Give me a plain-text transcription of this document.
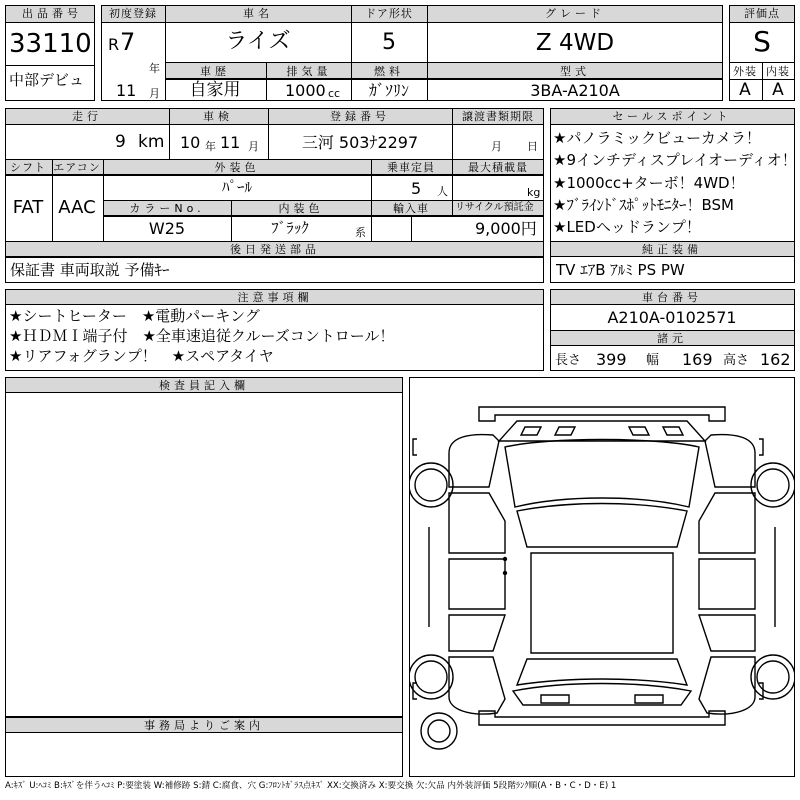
出品番号
33110
中部デビュ
初度登録
R 7
年
11 月
車名
ライズ
ドア形状
5
グレード
Z 4WD
車歴
自家用
排気量
1000 cc
燃料
ｶﾞｿﾘﾝ
型式
3BA-A210A
評価点
S
外装 内装
A A
走行
9 km
車検
10 年 11 月
登録番号
三河 503ﾅ2297
譲渡書類期限
月 日
シフト
FAT
エアコン
AAC
外装色
ﾊﾟｰﾙ
乗車定員
5 人
最大積載量
kg
カラーNo.
W25
内装色
ﾌﾞﾗｯｸ	系
輸入車	リサイクル預託金
9,000円
後日発送部品
保証書 車両取説 予備ｷｰ
セールスポイント
★パノラミックビューカメラ！
★9インチディスプレイオーディオ！
★1000cc+ターボ！4WD！
★ﾌﾞﾗｲﾝﾄﾞｽﾎﾟｯﾄﾓﾆﾀｰ！BSM
★LEDヘッドランプ！
純正装備
TV ｴｱB ｱﾙﾐ PS PW
注意事項欄
★シートヒーター　★電動パーキング
★ＨＤＭＩ端子付　★全車速追従クルーズコントロール！
★リアフォグランプ！　★スペアタイヤ
車台番号
A210A-0102571
諸元
長さ 399 幅 169 高さ 162
検査員記入欄
事務局よりご案内
A:ｷｽﾞ U:ﾍｺﾐ B:ｷｽﾞを伴うﾍｺﾐ P:要塗装 W:補修跡 S:錆 C:腐食、穴 G:ﾌﾛﾝﾄｶﾞﾗｽ点ｷｽﾞ XX:交換済み X:要交換 欠:欠品 内外装評価 5段階ﾗﾝｸ順(A・B・C・D・E) 1
